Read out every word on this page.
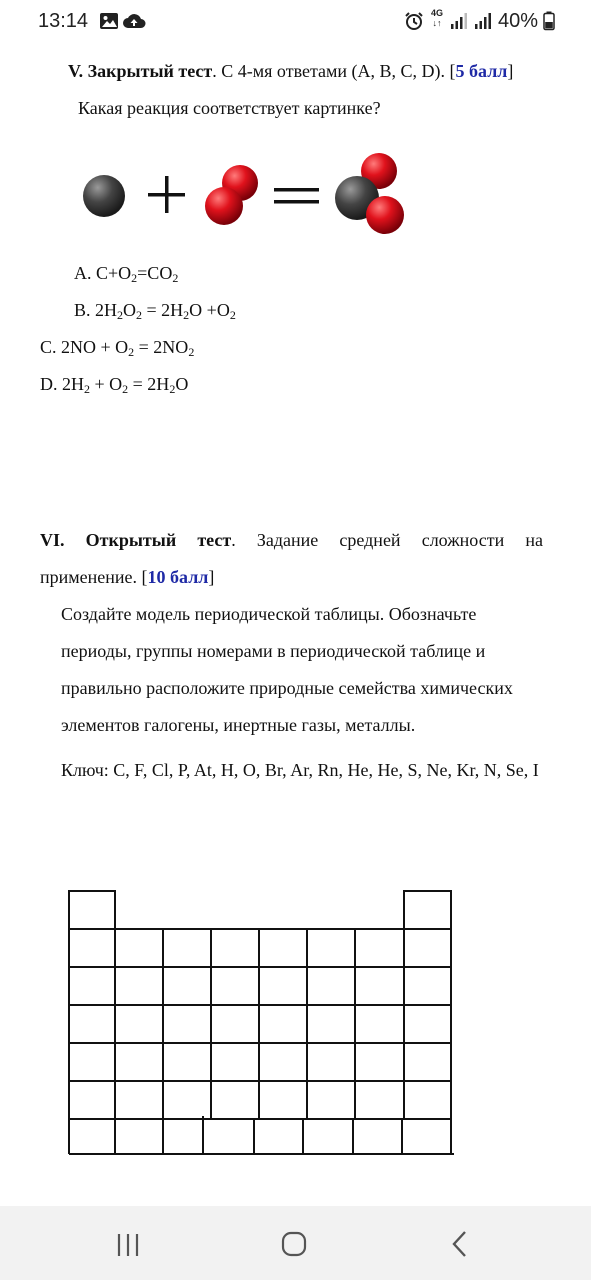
13:14	4G
↓↑	40%
V. Закрытый тест. С 4-мя ответами (A, B, C, D). [5 балл]
Какая реакция соответствует картинке?
A. $C+O_2=CO_2$
B. $2H_2O_2 = 2H_2O +O_2$
C. $2NO + O_2 = 2NO_2$
D. $2H_2 + O_2 = 2H_2O$
VI. Открытый тест. Задание средней сложности на применение. [10 балл]
Создайте модель периодической таблицы. Обозначьте периоды, группы номерами в периодической таблице и правильно расположите природные семейства химических элементов галогены, инертные газы, металлы.
Ключ: C, F, Cl, P, At, H, O, Br, Ar, Rn, He, He, S, Ne, Kr, N, Se, I
